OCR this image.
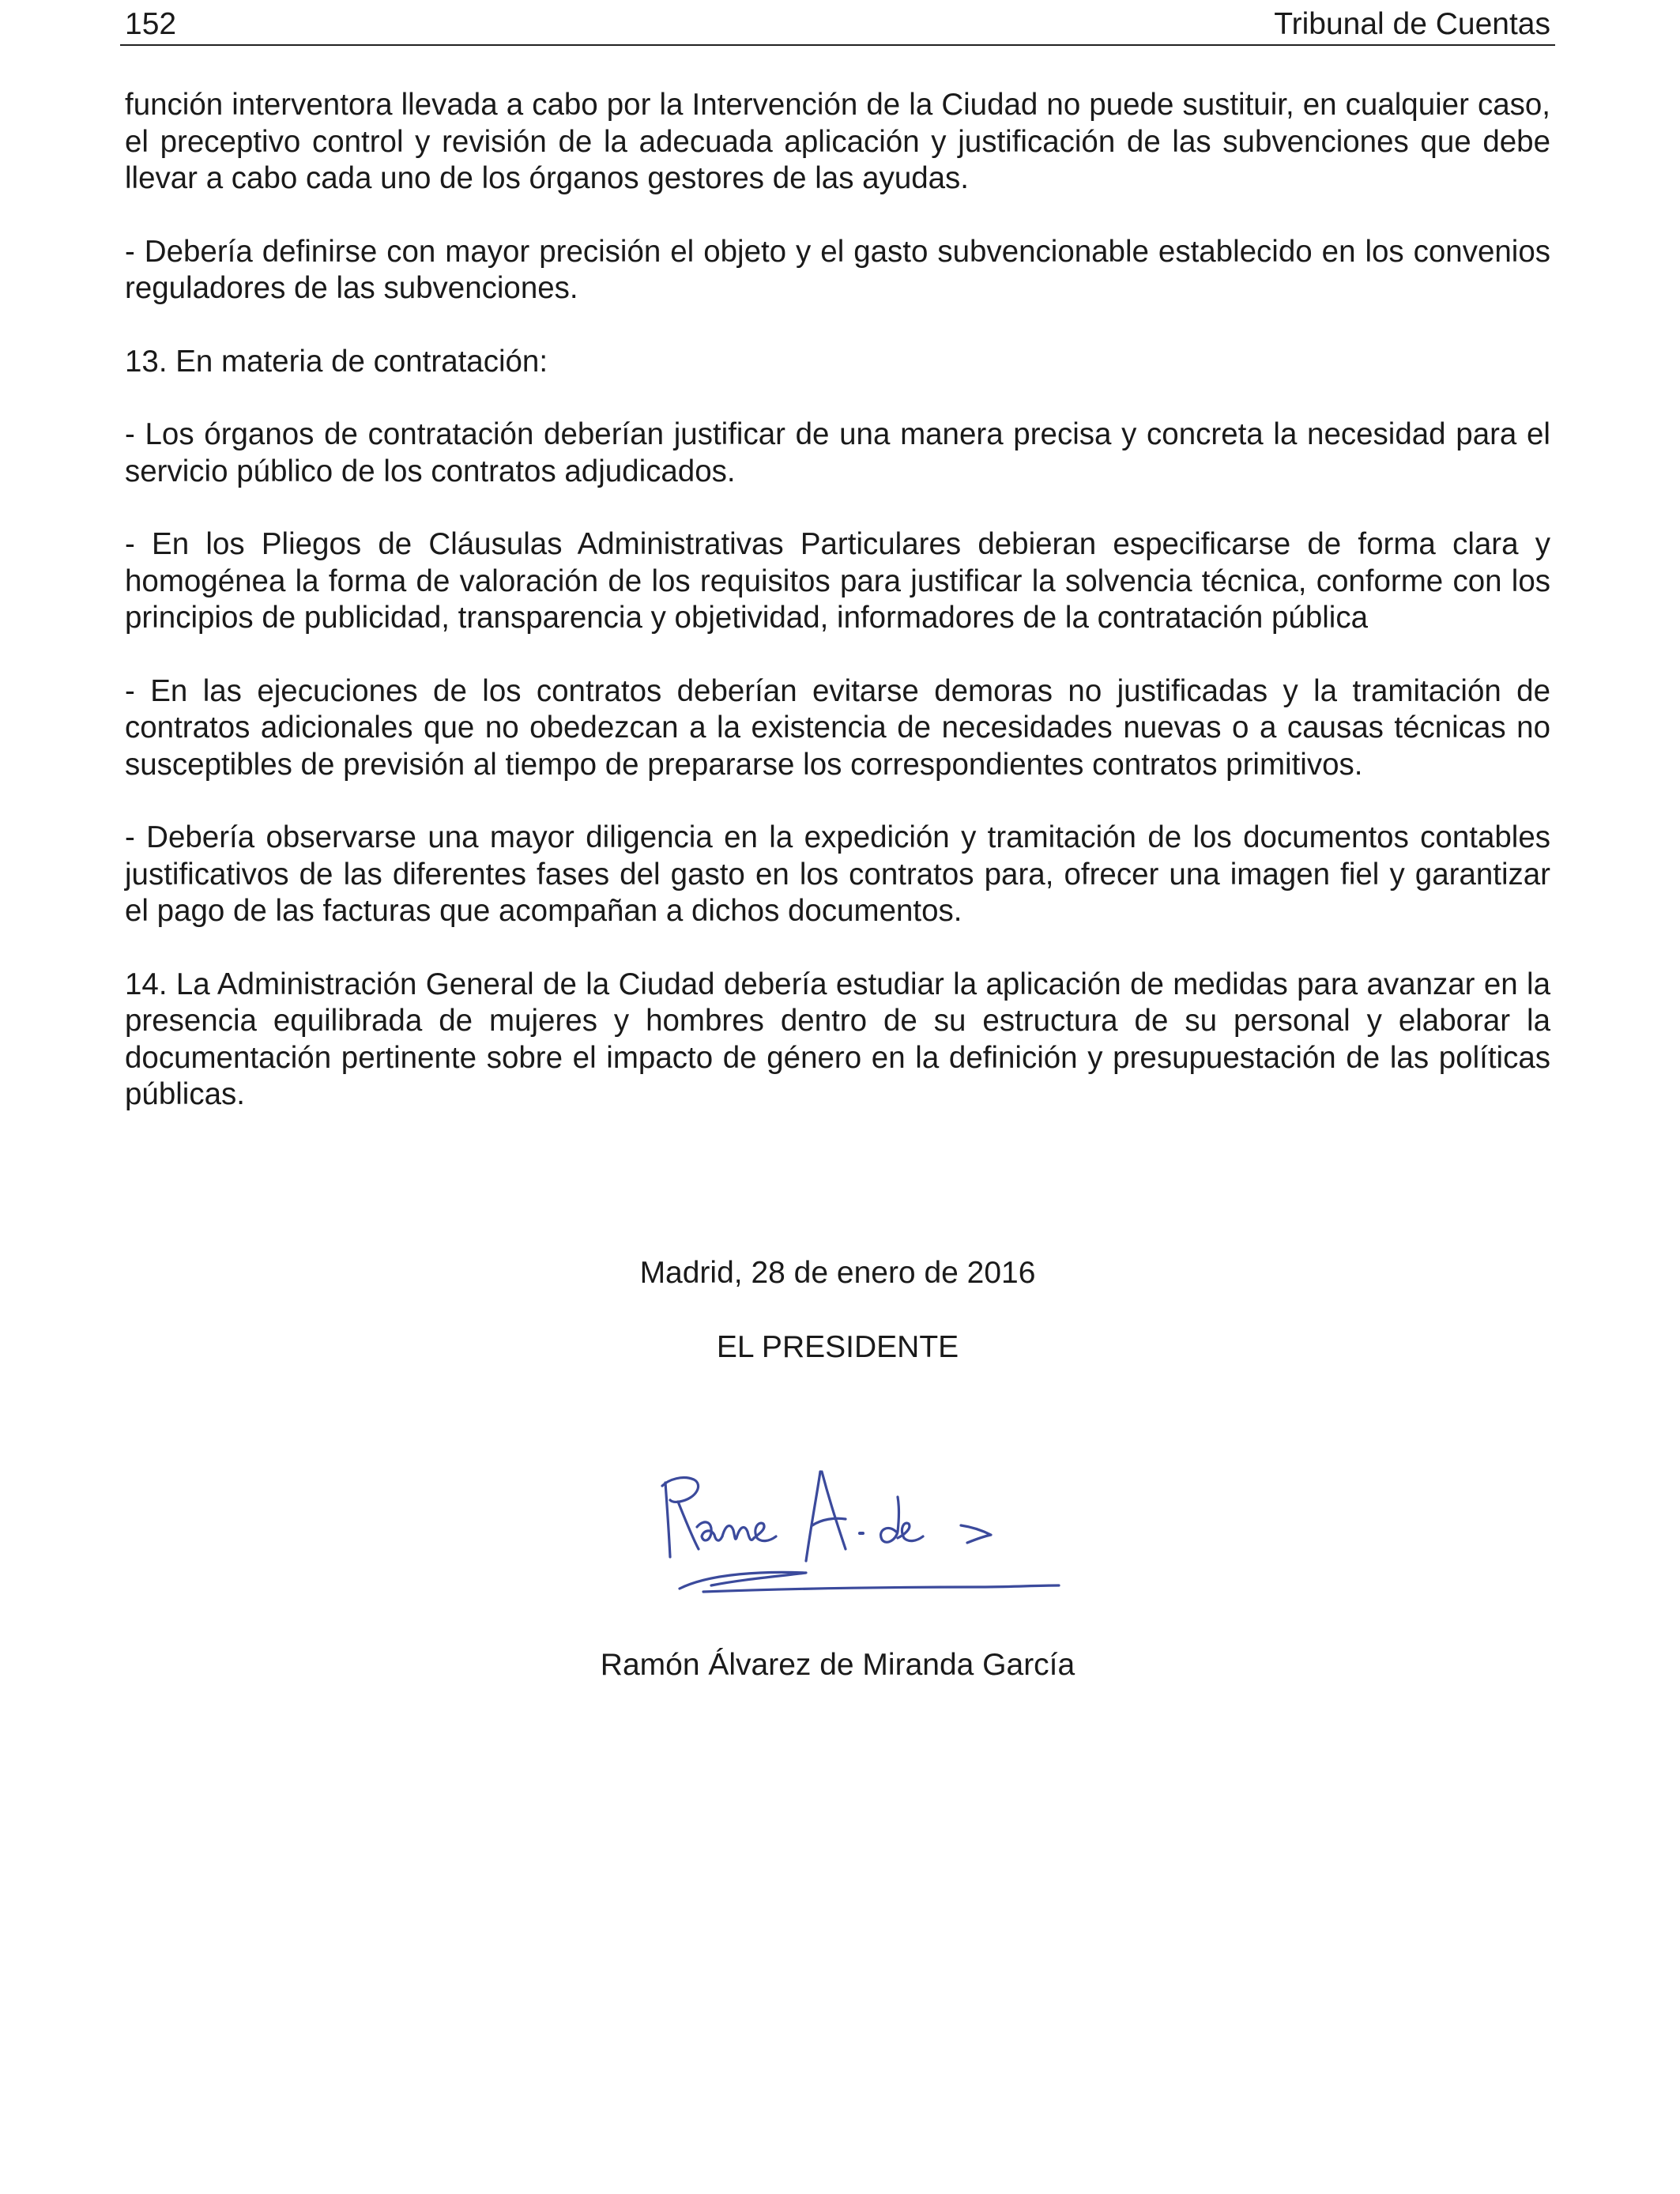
152	Tribunal de Cuentas

función interventora llevada a cabo por la Intervención de la Ciudad no puede sustituir, en cualquier caso, el preceptivo control y revisión de la adecuada aplicación y justificación de las subvenciones que debe llevar a cabo cada uno de los órganos gestores de las ayudas.

- Debería definirse con mayor precisión el objeto y el gasto subvencionable establecido en los convenios reguladores de las subvenciones.

13. En materia de contratación:

- Los órganos de contratación deberían justificar de una manera precisa y concreta la necesidad para el servicio público de los contratos adjudicados.

- En los Pliegos de Cláusulas Administrativas Particulares debieran especificarse de forma clara y homogénea la forma de valoración de los requisitos para justificar la solvencia técnica, conforme con los principios de publicidad, transparencia y objetividad, informadores de la contratación pública

- En las ejecuciones de los contratos deberían evitarse demoras no justificadas y la tramitación de contratos adicionales que no obedezcan a la existencia de necesidades nuevas o a causas técnicas no susceptibles de previsión al tiempo de prepararse los correspondientes contratos primitivos.

- Debería observarse una mayor diligencia en la expedición y tramitación de los documentos contables justificativos de las diferentes fases del gasto en los contratos para, ofrecer una imagen fiel y garantizar el pago de las facturas que acompañan a dichos documentos.

14. La Administración General de la Ciudad debería estudiar la aplicación de medidas para avanzar en la presencia equilibrada de mujeres y hombres dentro de su estructura de su personal y elaborar la documentación pertinente sobre el impacto de género en la definición y presupuestación de las políticas públicas.

Madrid, 28 de enero de 2016
EL PRESIDENTE
Ramón Álvarez de Miranda García
